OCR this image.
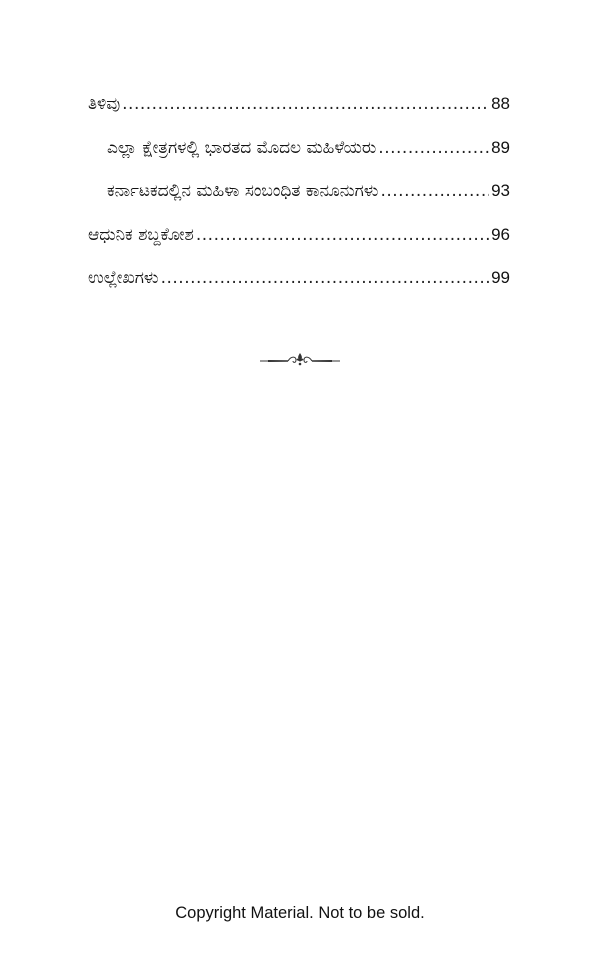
ತಿಳಿವು .....	88
ಎಲ್ಲಾ ಕ್ಷೇತ್ರಗಳಲ್ಲಿ ಭಾರತದ ಮೊದಲ ಮಹಿಳೆಯರು .....	89
ಕರ್ನಾಟಕದಲ್ಲಿನ ಮಹಿಳಾ ಸಂಬಂಧಿತ ಕಾನೂನುಗಳು .....	93
ಆಧುನಿಕ ಶಬ್ದಕೋಶ .....	96
ಉಲ್ಲೇಖಗಳು .....	99
Copyright Material. Not to be sold.
